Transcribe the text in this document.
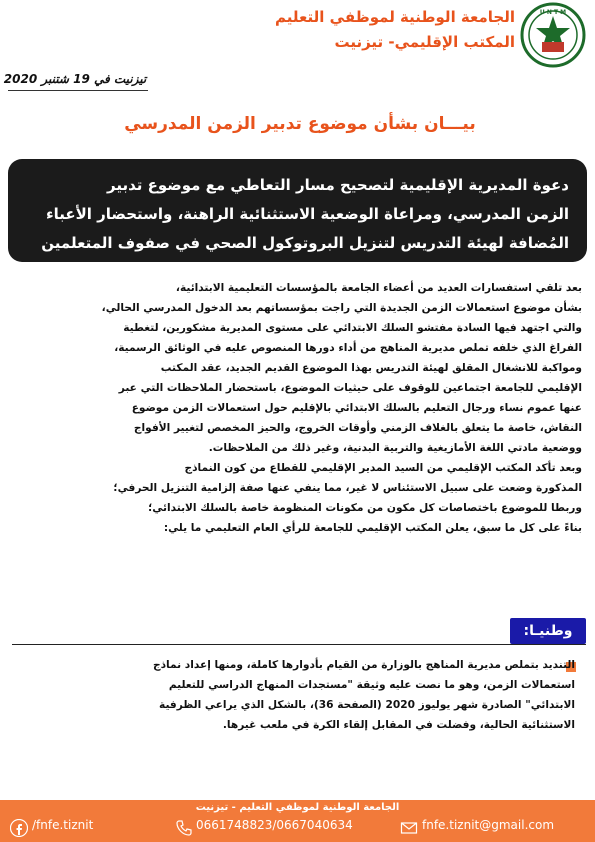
الجامعة الوطنية لموظفي التعليم
المكتب الإقليمي- تيزنيت
U N T M
تيزنيت في 19 شتنبر 2020
بيـــان بشأن موضوع تدبير الزمن المدرسي
دعوة المديرية الإقليمية لتصحيح مسار التعاطي مع موضوع تدبير
الزمن المدرسي، ومراعاة الوضعية الاستثنائية الراهنة، واستحضار الأعباء
المُضافة لهيئة التدريس لتنزيل البروتوكول الصحي في صفوف المتعلمين
بعد تلقي استفسارات العديد من أعضاء الجامعة بالمؤسسات التعليمية الابتدائية،
بشأن موضوع استعمالات الزمن الجديدة التي راجت بمؤسساتهم بعد الدخول المدرسي الحالي،
والتي اجتهد فيها السادة مفتشو السلك الابتدائي على مستوى المديرية مشكورين، لتغطية
الفراغ الذي خلفه تملص مديرية المناهج من أداء دورها المنصوص عليه في الوثائق الرسمية،
ومواكبة للانشغال المقلق لهيئة التدريس بهذا الموضوع القديم الجديد، عقد المكتب
الإقليمي للجامعة اجتماعين للوقوف على حيثيات الموضوع، باستحضار الملاحظات التي عبر
عنها عموم نساء ورجال التعليم بالسلك الابتدائي بالإقليم حول استعمالات الزمن موضوع
النقاش، خاصة ما يتعلق بالغلاف الزمني وأوقات الخروج، والحيز المخصص لتغيير الأفواج
ووضعية مادتي اللغة الأمازيغية والتربية البدنية، وغير ذلك من الملاحظات.
وبعد تأكد المكتب الإقليمي من السيد المدير الإقليمي للقطاع من كون النماذج
المذكورة وضعت على سبيل الاستئناس لا غير، مما ينفي عنها صفة إلزامية التنزيل الحرفي؛
وربطا للموضوع باختصاصات كل مكون من مكونات المنظومة خاصة بالسلك الابتدائي؛
بناءً على كل ما سبق، يعلن المكتب الإقليمي للجامعة للرأي العام التعليمي ما يلي:
وطنيـا:
التنديد بتملص مديرية المناهج بالوزارة من القيام بأدوارها كاملة، ومنها إعداد نماذج
استعمالات الزمن، وهو ما نصت عليه وثيقة "مستجدات المنهاج الدراسي للتعليم
الابتدائي" الصادرة شهر يوليوز 2020 (الصفحة 36)، بالشكل الذي يراعي الظرفية
الاستثنائية الحالية، وفضلت في المقابل إلقاء الكرة في ملعب غيرها.
الجامعة الوطنية لموظفي التعليم - تيزنيت
/fnfe.tiznit	0661748823/0667040634	fnfe.tiznit@gmail.com
